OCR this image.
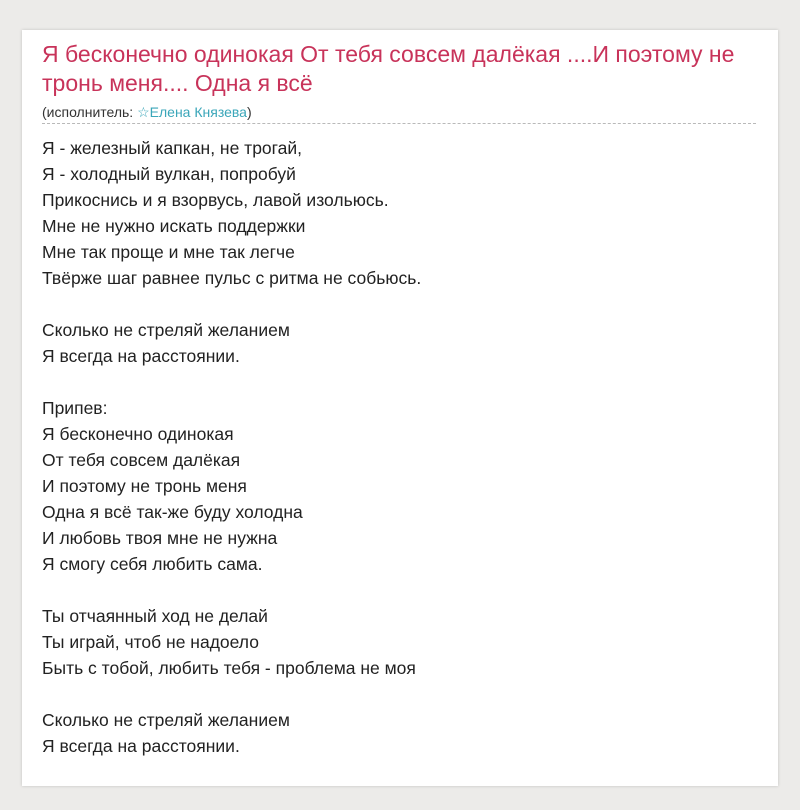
Я бесконечно одинокая От тебя совсем далёкая ....И поэтому не тронь меня.... Одна я всё
(исполнитель: ☆Елена Князева)
Я - железный капкан, не трогай,
Я - холодный вулкан, попробуй
Прикоснись и я взорвусь, лавой изольюсь.
Мне не нужно искать поддержки
Мне так проще и мне так легче
Твёрже шаг равнее пульс с ритма не собьюсь.
Сколько не стреляй желанием
Я всегда на расстоянии.
Припев:
Я бесконечно одинокая
От тебя совсем далёкая
И поэтому не тронь меня
Одна я всё так-же буду холодна
И любовь твоя мне не нужна
Я смогу себя любить сама.
Ты отчаянный ход не делай
Ты играй, чтоб не надоело
Быть с тобой, любить тебя - проблема не моя
Сколько не стреляй желанием
Я всегда на расстоянии.
